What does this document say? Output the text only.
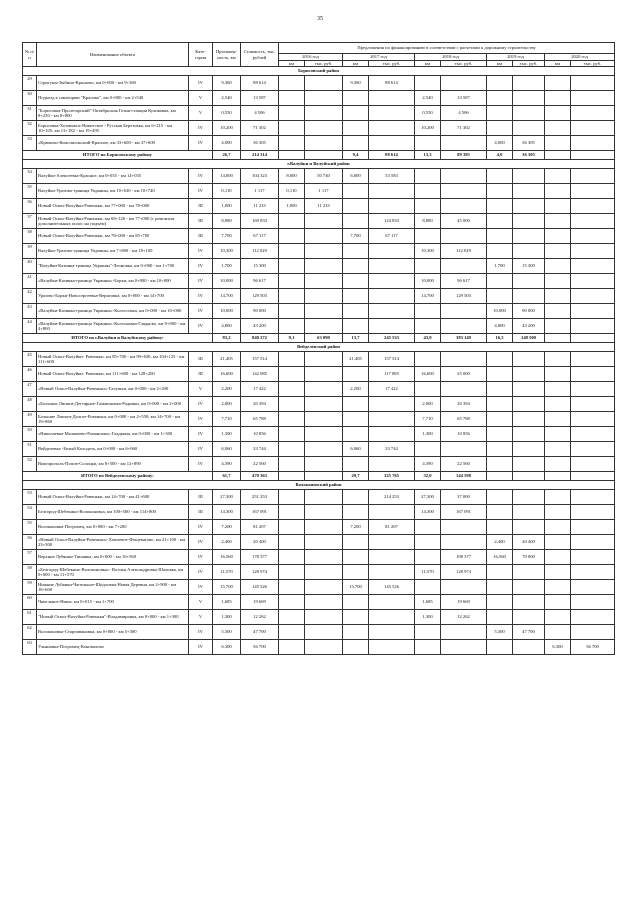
35
№ п/п	Наименование объекта	Кате-гория	Протяжен-ность, км	Стоимость, тыс. рублей	Предложения по финансированию в соответствии с расчетами к дорожному строительству									
					2016 год		2017 год		2018 год		2019 год		2020 год	
					км	тыс. руб.	км	тыс. руб.	км	тыс. руб.	км	тыс. руб.	км	тыс. руб.
Борисовский район														
29	Стригуны-Зыбино-Красково, км 0+000 - км 9+360	IV	9,360	88 614			9,360	88 614						
30	Подъезд к санаторию "Красиво", км 0+000 - км 2+540	V	2,540	13 587					2,540	13 587				
31	"Борисовка-Пролетарский"-Октябрьская Готня-станция Куликовка, км 8+250 - км 8+800	V	0,550	4 506					0,550	4 506				
32	Борисовка-Хотмыжск-Никитское - Русская Березовка, км 6+215 - км 10+105; км 13+182 - км 19+495	IV	10,200	71 302					10,200	71 302				
33	«Крюково-Комсомольский-Красное, км 33+600 - км 37+600	IV	4,000	36 305							4,000	36 305		
ИТОГО по Борисовскому району			26,7	214 314			9,4	88 614	13,3	89 395	4,0	36 305		
г.Валуйки и Валуйский район														
34	Валуйки-Алексеевка-Красное, км 0+035 - км 14+035	IV	14,000	104 323	8,000	50 740	6,000	53 583						
35	Валуйки-Уразово-граница Украины, км 10+630 - км 10+740	IV	0,110	1 117	0,110	1 117								
36	Новый Оскол-Валуйки-Ровеньки, км 77+000 - км 78+000	III	1,000	11 233	1,000	11 233								
37	Новый Оскол-Валуйки-Ровеньки, км 68+120 - км 77+000 (с ремонтом дополнительных полос на подъём)	III	8,880	169 833				124 833	8,880	45 000				
38	Новый Оскол-Валуйки-Ровеньки, км 78+000 - км 85+700	III	7,700	67 117			7,700	67 117						
39	Валуйки-Уразово-граница Украины, км 7+800 - км 18+100	IV	10,300	112 029					10,300	112 029				
40	"Валуйки-Казинка-граница Украины"-Леоновка, км 0+000 - км 1+700	IV	1,700	15 300							1,700	15 300		
41	«Валуйки-Казинка-граница Украины»-Борки, км 0+000 - км 10+000	IV	10,000	96 617					10,000	96 617				
42	Уразово-Борки-Новосергеевка-Вериговка, км 0+000 - км 14+700	IV	14,700	129 503					14,700	129 503				
43	«Валуйки-Казинка-граница Украины»-Колоссовка, км 0+000 - км 10+000	IV	10,000	90 000							10,000	90 000		
44	«Валуйки-Казинка-граница Украины»-Колосковка-Глядково, км 0+000 - км 4+800	IV	4,800	43 200							4,800	43 200		
ИТОГО по г.Валуйки и Валуйскому району:			83,2	840 272	9,1	63 090	13,7	245 533	43,9	383 149	16,5	148 500		
Вейделевский район														
45	Новый Оскол-Валуйки- Ровеньки, км 85+700 - км 99+630, км 104+125 - км 111+600	III	21,405	157 514			21,405	157 514						
46	Новый Оскол-Валуйки- Ровеньки, км 111+600 - км 128+200	III	16,600	142 085				117 085	16,600	25 000				
47	«Новый Оскол-Валуйки-Ровеньки»-Галушки, км 0+000 - км 2+200	V	2,200	17 422			2,200	17 422						
48	«Большие Липяги-Дегтярное-Гамаюновка-Родники, км 0+000 - км 2+000	IV	2,000	20 394					2,000	20 394				
49	Большие Липяги-Долгое-Ровеньки, км 0+000 - км 2+550; км 14+700 - км 19+860	IV	7,710	65 788					7,710	65 788				
50	«Николаевка-Малакеево-Романовка»-Гладкина, км 0+000 - км 1+300	IV	1,300	10 856					1,300	10 856				
51	Вейделевка -Белый Колодезь, км 0+000 - км 6+060	IV	6,060	33 744			6,060	33 744						
52	Викторополь-Попов-Солоцки, км 8+500 - км 12+890	IV	4,390	22 560					4,390	22 560				
ИТОГО по Вейделевскому району:			61,7	470 363			29,7	325 765	32,0	144 598				
Волоконовский район														
53	Новый Оскол-Валуйки-Ровеньки, км 14+700 - км 41+600	III	27,300	251 253				214 253	27,300	37 000				
54	Белгород-Шебекино-Волоконовка, км 100+500 - км 114+800	III	14,300	167 091					14,300	167 091				
55	Волоконовка-Погромец, км 0+000 - км 7+200	IV	7,200	81 207			7,200	81 207						
56	«Новый Оскол-Валуйки-Ровеньки»-Хмелевое-Фощеватово, км 21+100 - км 23+500	IV	2,400	20 400							2,400	20 400		
57	Верхние Лубянки-Тишанка, км 0+000 - км 16+560	IV	16,560	178 377						108 377	16,560	70 000		
58	«Белгород-Шебекино-Волоконовка»- Волчья Александровка-Шаховка, км 0+000 - км 11+570	IV	11,570	128 974					11,570	128 974				
59	Нижние Лубянки-Чапельное-Шидловка-Новая Деревня, км 2+900 - км 18+600	IV	15,700	145 526			15,700	145 526						
60	Чапельное-Ниша, км 0+015 - км 1+700	V	1,685	19 669					1,685	19 669				
61	"Новый Оскол-Валуйки-Ровеньки"-Владимировка, км 0+000 - км 1+300	V	1,300	12 262					1,300	12 262				
62	Волоконовка-Староивановка, км 0+000 - км 5+300	IV	5,300	47 700							5,300	47 700		
63	Ульяновка-Погромец-Коновалово	IV	6,300	56 700									6,300	56 700
